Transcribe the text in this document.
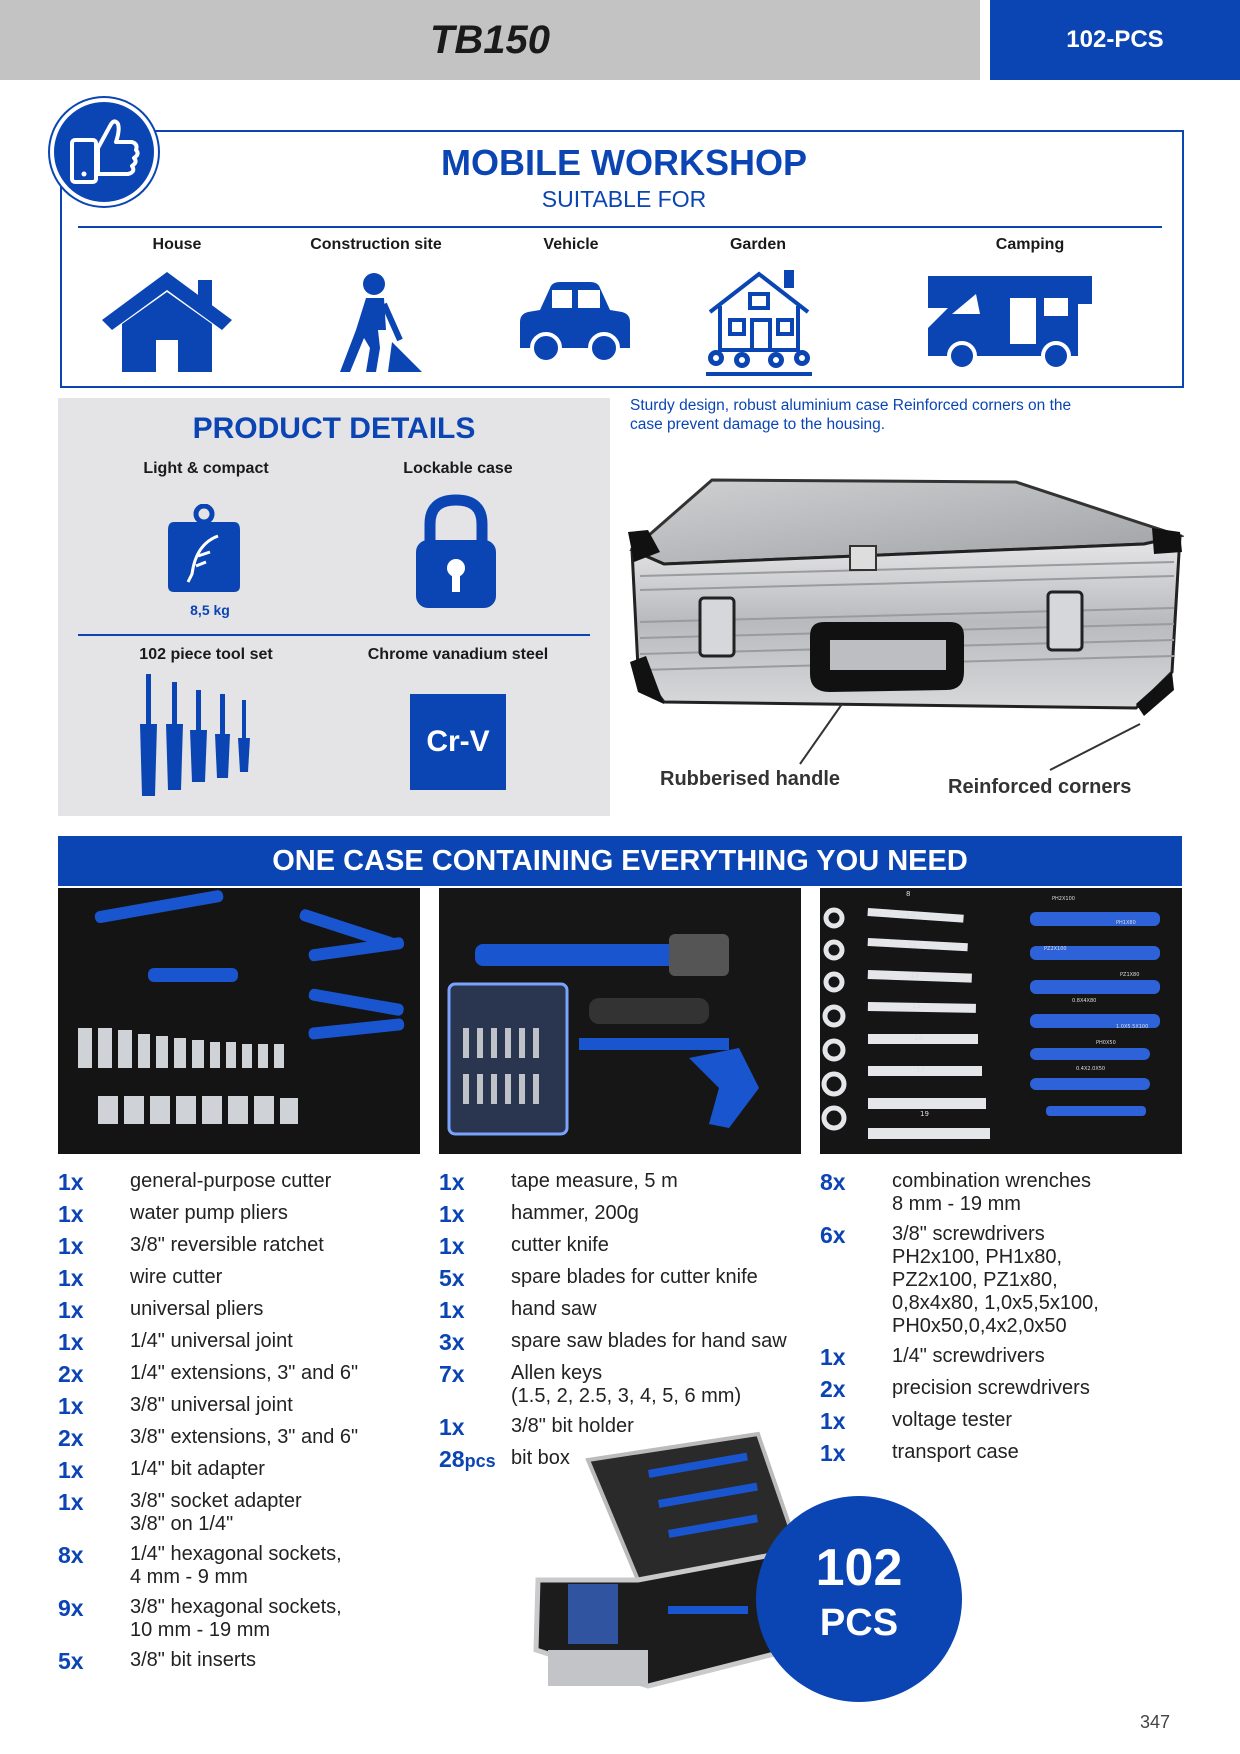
TB150	102-PCS
MOBILE WORKSHOP
SUITABLE FOR
House	Construction site	Vehicle	Garden	Camping
PRODUCT DETAILS
Light & compact
8,5 kg
Lockable case
102 piece tool set	Chrome vanadium steel
Cr-V
Sturdy design, robust aluminium case Reinforced corners on the case prevent damage to the housing.
Rubberised handle	Reinforced corners
ONE CASE CONTAINING EVERYTHING YOU NEED
8
10
11
12
13
14
17
19
PH2X100
PH1X80
PZ2X100
PZ1X80
0.8X4X80
1.0X5.5X100
PH0X50
0.4X2.0X50
1x	general-purpose cutter
1x	water pump pliers
1x	3/8" reversible ratchet
1x	wire cutter
1x	universal pliers
1x	1/4" universal joint
2x	1/4" extensions, 3" and 6"
1x	3/8" universal joint
2x	3/8" extensions, 3" and 6"
1x	1/4" bit adapter
1x	3/8" socket adapter
3/8" on 1/4"
8x	1/4" hexagonal sockets,
4 mm - 9 mm
9x	3/8" hexagonal sockets,
10 mm - 19 mm
5x	3/8" bit inserts
1x	tape measure, 5 m
1x	hammer, 200g
1x	cutter knife
5x	spare blades for cutter knife
1x	hand saw
3x	spare saw blades for hand saw
7x	Allen keys
(1.5, 2, 2.5, 3, 4, 5, 6 mm)
1x	3/8" bit holder
28pcs bit box
8x	combination wrenches
8 mm - 19 mm
6x	3/8" screwdrivers
PH2x100, PH1x80,
PZ2x100, PZ1x80,
0,8x4x80, 1,0x5,5x100,
PH0x50,0,4x2,0x50
1x	1/4" screwdrivers
2x	precision screwdrivers
1x	voltage tester
1x	transport case
102
PCS
347
